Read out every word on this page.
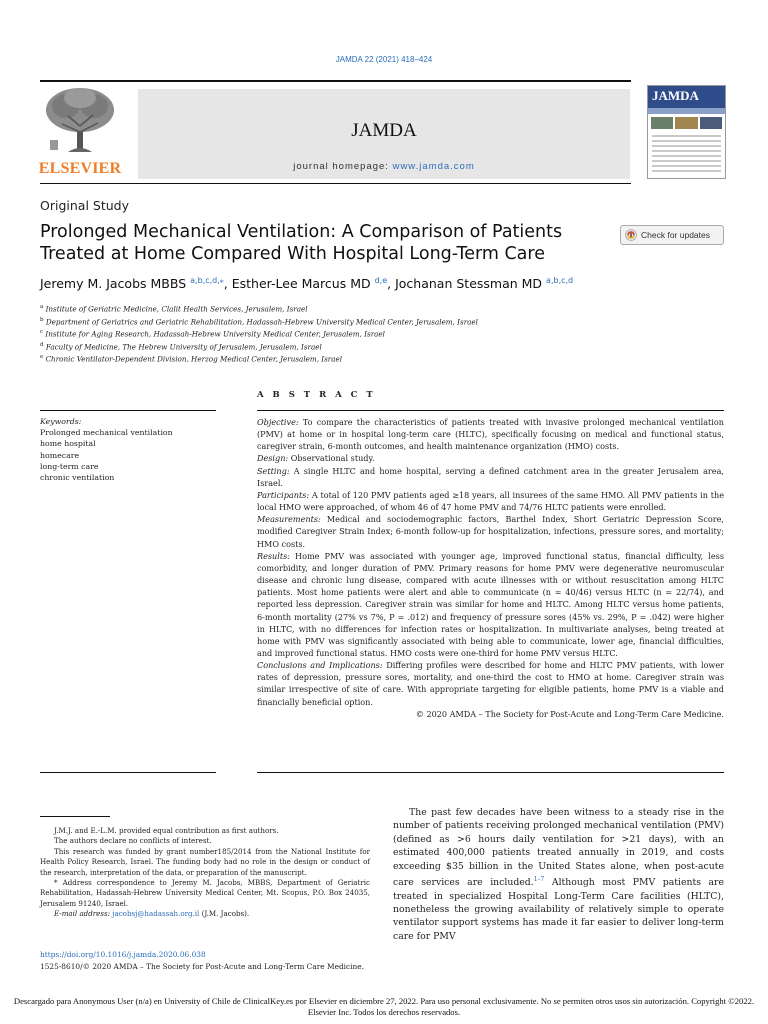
JAMDA 22 (2021) 418–424
ELSEVIER
JAMDA
journal homepage: www.jamda.com
JAMDA
Original Study
Prolonged Mechanical Ventilation: A Comparison of Patients Treated at Home Compared With Hospital Long-Term Care
Check for updates
Jeremy M. Jacobs MBBS $^{a,b,c,d,⁎}$, Esther-Lee Marcus MD $^{d,e}$, Jochanan Stessman MD $^{a,b,c,d}$
$^a$ Institute of Geriatric Medicine, Clalit Health Services, Jerusalem, Israel
$^b$ Department of Geriatrics and Geriatric Rehabilitation, Hadassah-Hebrew University Medical Center, Jerusalem, Israel
$^c$ Institute for Aging Research, Hadassah-Hebrew University Medical Center, Jerusalem, Israel
$^d$ Faculty of Medicine, The Hebrew University of Jerusalem, Jerusalem, Israel
$^e$ Chronic Ventilator-Dependent Division, Herzog Medical Center, Jerusalem, Israel
A B S T R A C T
Keywords:
Prolonged mechanical ventilation
home hospital
homecare
long-term care
chronic ventilation

Objective: To compare the characteristics of patients treated with invasive prolonged mechanical ventilation (PMV) at home or in hospital long-term care (HLTC), specifically focusing on medical and functional status, caregiver strain, 6-month outcomes, and health maintenance organization (HMO) costs.

Design: Observational study.

Setting: A single HLTC and home hospital, serving a defined catchment area in the greater Jerusalem area, Israel.

Participants: A total of 120 PMV patients aged ≥18 years, all insurees of the same HMO. All PMV patients in the local HMO were approached, of whom 46 of 47 home PMV and 74/76 HLTC patients were enrolled.

Measurements: Medical and sociodemographic factors, Barthel Index, Short Geriatric Depression Score, modified Caregiver Strain Index; 6-month follow-up for hospitalization, infections, pressure sores, and mortality; HMO costs.

Results: Home PMV was associated with younger age, improved functional status, financial difficulty, less comorbidity, and longer duration of PMV. Primary reasons for home PMV were degenerative neuromuscular disease and chronic lung disease, compared with acute illnesses with or without resuscitation among HLTC patients. Most home patients were alert and able to communicate (n = 40/46) versus HLTC (n = 22/74), and reported less depression. Caregiver strain was similar for home and HLTC. Among HLTC versus home patients, 6-month mortality (27% vs 7%, P = .012) and frequency of pressure sores (45% vs. 29%, P = .042) were higher in HLTC, with no differences for infection rates or hospitalization. In multivariate analyses, being treated at home with PMV was significantly associated with being able to communicate, lower age, financial difficulties, and improved functional status. HMO costs were one-third for home PMV versus HLTC.

Conclusions and Implications: Differing profiles were described for home and HLTC PMV patients, with lower rates of depression, pressure sores, mortality, and one-third the cost to HMO at home. Caregiver strain was similar irrespective of site of care. With appropriate targeting for eligible patients, home PMV is a viable and financially beneficial option.

© 2020 AMDA – The Society for Post-Acute and Long-Term Care Medicine.

J.M.J. and E.-L.M. provided equal contribution as first authors.

The authors declare no conflicts of interest.

This research was funded by grant number185/2014 from the National Institute for Health Policy Research, Israel. The funding body had no role in the design or conduct of the research, interpretation of the data, or preparation of the manuscript.

* Address correspondence to Jeremy M. Jacobs, MBBS, Department of Geriatric Rehabilitation, Hadassah-Hebrew University Medical Center, Mt. Scopus, P.O. Box 24035, Jerusalem 91240, Israel.

E-mail address: jacobsj@hadassah.org.il (J.M. Jacobs).

The past few decades have been witness to a steady rise in the number of patients receiving prolonged mechanical ventilation (PMV) (defined as >6 hours daily ventilation for >21 days), with an estimated 400,000 patients treated annually in 2019, and costs exceeding $35 billion in the United States alone, when post-acute care services are included.$^{1-7}$ Although most PMV patients are treated in specialized Hospital Long-Term Care facilities (HLTC), nonetheless the growing availability of relatively simple to operate ventilator support systems has made it far easier to deliver long-term care for PMV

https://doi.org/10.1016/j.jamda.2020.06.038
1525-8610/© 2020 AMDA – The Society for Post-Acute and Long-Term Care Medicine.
Descargado para Anonymous User (n/a) en University of Chile de ClinicalKey.es por Elsevier en diciembre 27, 2022. Para uso personal exclusivamente. No se permiten otros usos sin autorización. Copyright ©2022. Elsevier Inc. Todos los derechos reservados.
